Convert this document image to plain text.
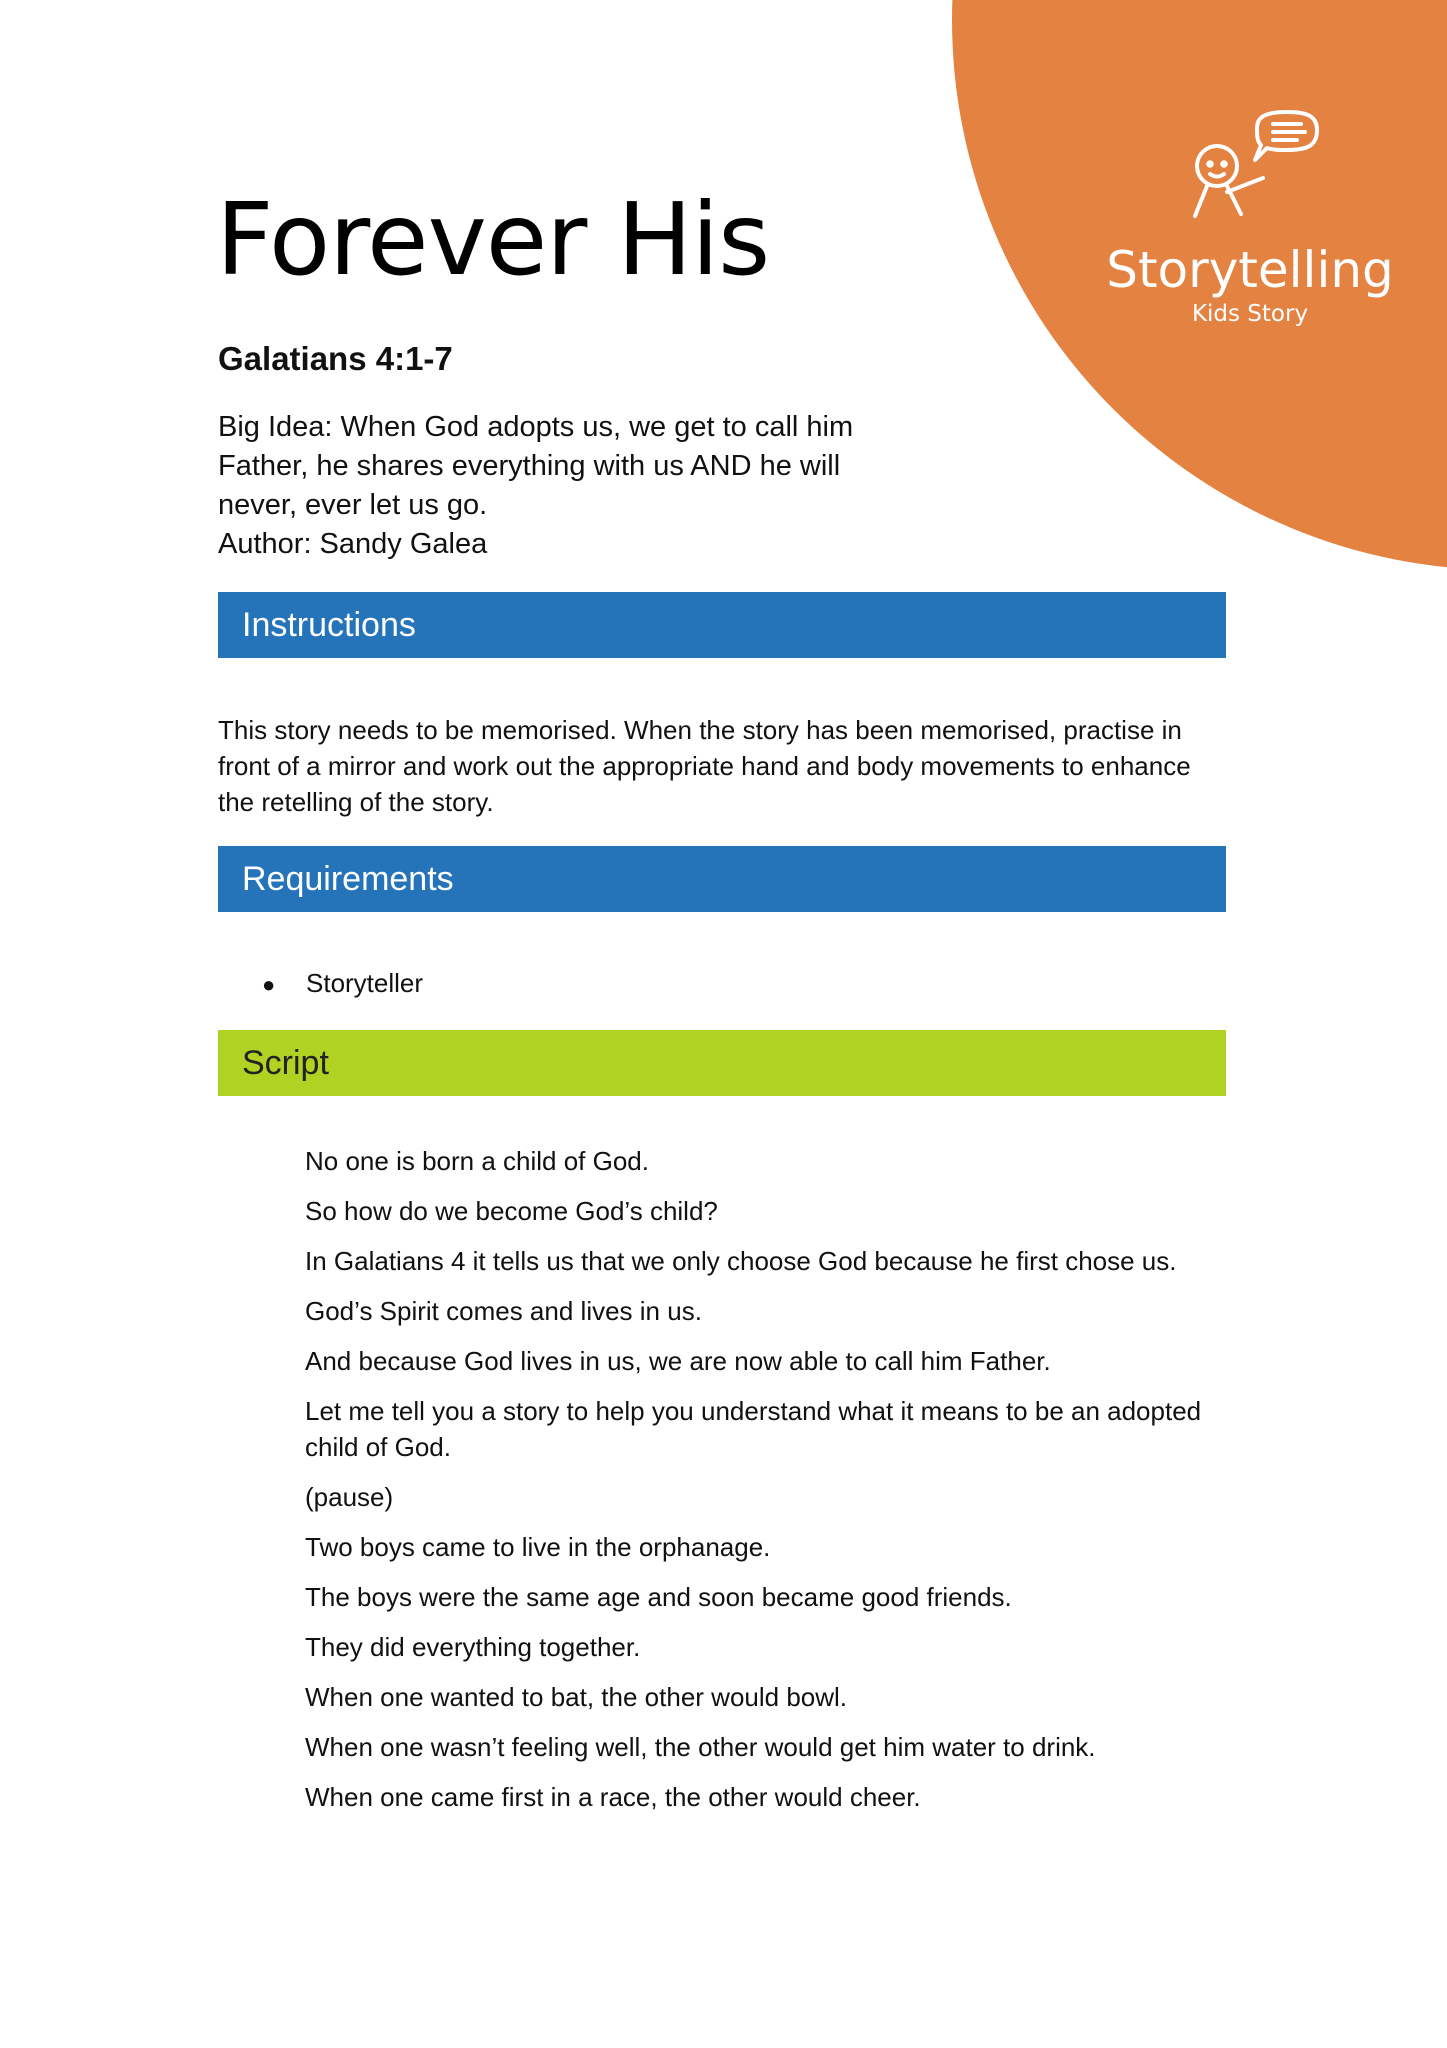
Storytelling
Kids Story
Forever His
Galatians 4:1-7
Big Idea: When God adopts us, we get to call him
Father, he shares everything with us AND he will
never, ever let us go.
Author: Sandy Galea
Instructions

This story needs to be memorised. When the story has been memorised, practise in front of a mirror and work out the appropriate hand and body movements to enhance the retelling of the story.

Requirements
● Storyteller
Script

No one is born a child of God.

So how do we become God’s child?

In Galatians 4 it tells us that we only choose God because he first chose us.

God’s Spirit comes and lives in us.

And because God lives in us, we are now able to call him Father.

Let me tell you a story to help you understand what it means to be an adopted child of God.

(pause)

Two boys came to live in the orphanage.

The boys were the same age and soon became good friends.

They did everything together.

When one wanted to bat, the other would bowl.

When one wasn’t feeling well, the other would get him water to drink.

When one came first in a race, the other would cheer.
